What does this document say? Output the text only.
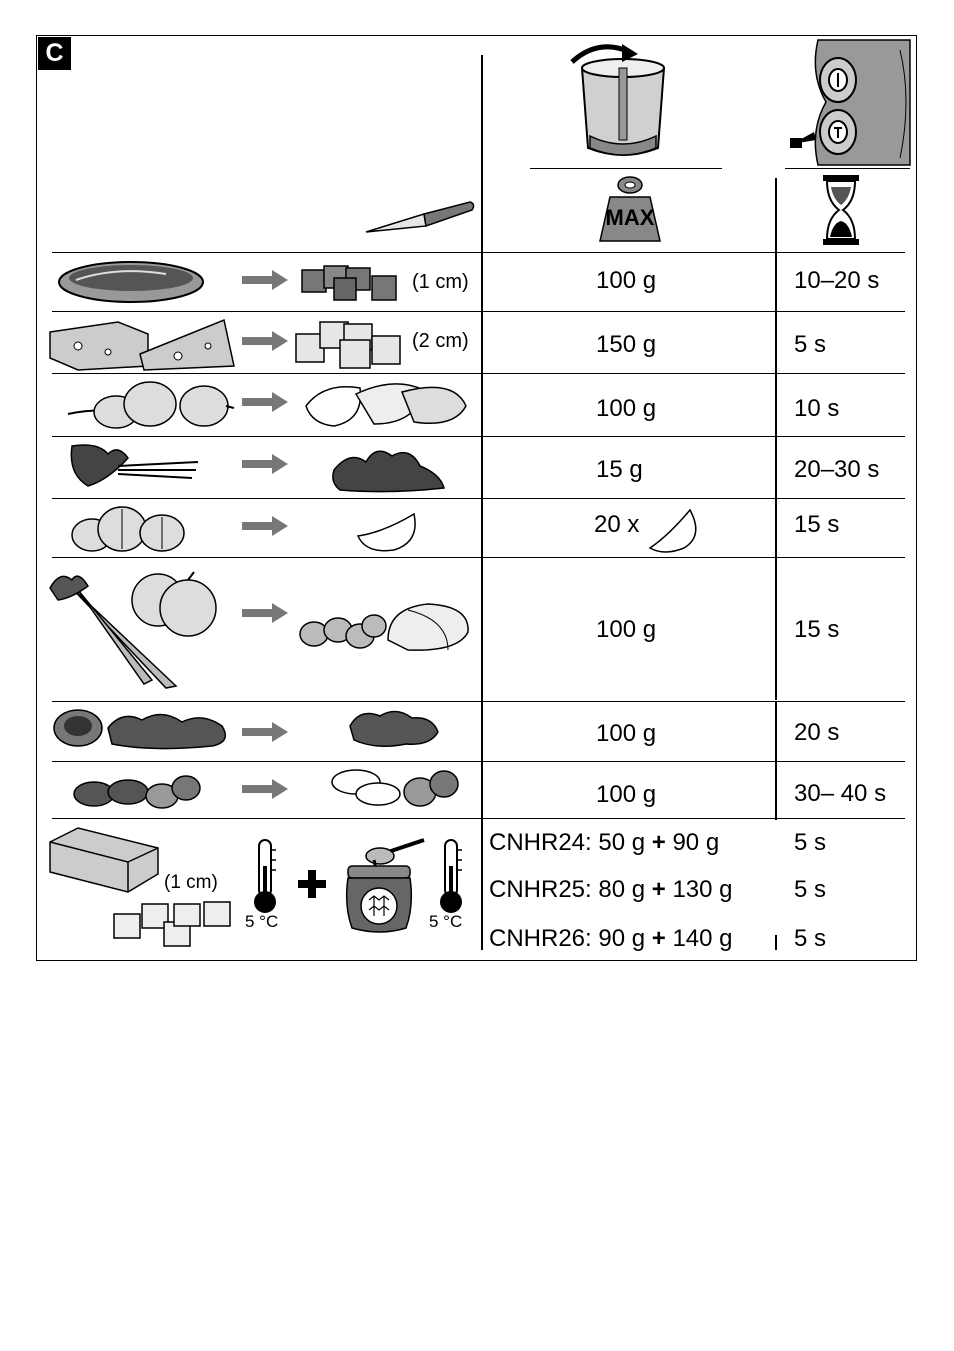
C
MAX
(1 cm)	100 g	10–20 s
(2 cm)	150 g	5 s
100 g	10 s
15 g	20–30 s
20 x	15 s
100 g	15 s
100 g	20 s
100 g	30– 40 s
(1 cm)
5 °C	5 °C
CNHR24: 50 g + 90 g	5 s
CNHR25: 80 g + 130 g	5 s
CNHR26: 90 g + 140 g	5 s
